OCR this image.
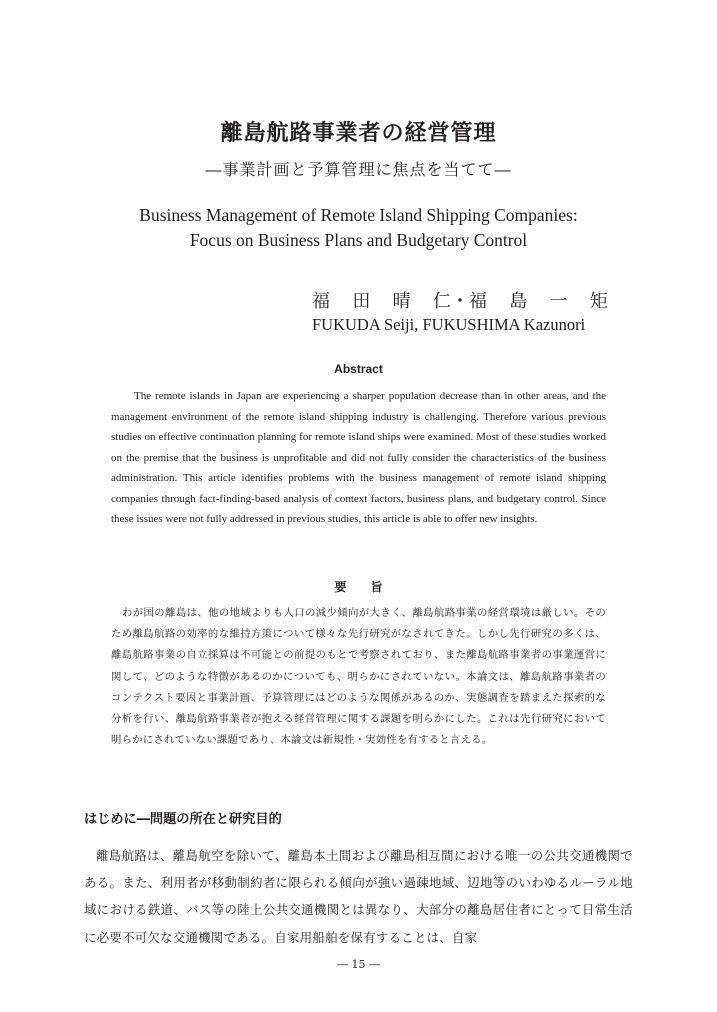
離島航路事業者の経営管理
―事業計画と予算管理に焦点を当てて―
Business Management of Remote Island Shipping Companies:
Focus on Business Plans and Budgetary Control
福 田 晴 仁・福 島 一 矩
FUKUDA Seiji, FUKUSHIMA Kazunori
Abstract
The remote islands in Japan are experiencing a sharper population decrease than in other areas, and the management environment of the remote island shipping industry is challenging. Therefore various previous studies on effective continuation planning for remote island ships were examined. Most of these studies worked on the premise that the business is unprofitable and did not fully consider the characteristics of the business administration. This article identifies problems with the business management of remote island shipping companies through fact-finding-based analysis of context factors, business plans, and budgetary control. Since these issues were not fully addressed in previous studies, this article is able to offer new insights.
要　　旨
わが国の離島は、他の地域よりも人口の減少傾向が大きく、離島航路事業の経営環境は厳しい。そのため離島航路の効率的な維持方策について様々な先行研究がなされてきた。しかし先行研究の多くは、離島航路事業の自立採算は不可能との前提のもとで考察されており、また離島航路事業者の事業運営に関して、どのような特徴があるのかについても、明らかにされていない。本論文は、離島航路事業者のコンテクスト要因と事業計画、予算管理にはどのような関係があるのか、実態調査を踏まえた探索的な分析を行い、離島航路事業者が抱える経営管理に関する課題を明らかにした。これは先行研究において明らかにされていない課題であり、本論文は新規性・実効性を有すると言える。
はじめに―問題の所在と研究目的
離島航路は、離島航空を除いて、離島本土間および離島相互間における唯一の公共交通機関である。また、利用者が移動制約者に限られる傾向が強い過疎地域、辺地等のいわゆるルーラル地域における鉄道、バス等の陸上公共交通機関とは異なり、大部分の離島居住者にとって日常生活に必要不可欠な交通機関である。自家用船舶を保有することは、自家
― 15 ―
